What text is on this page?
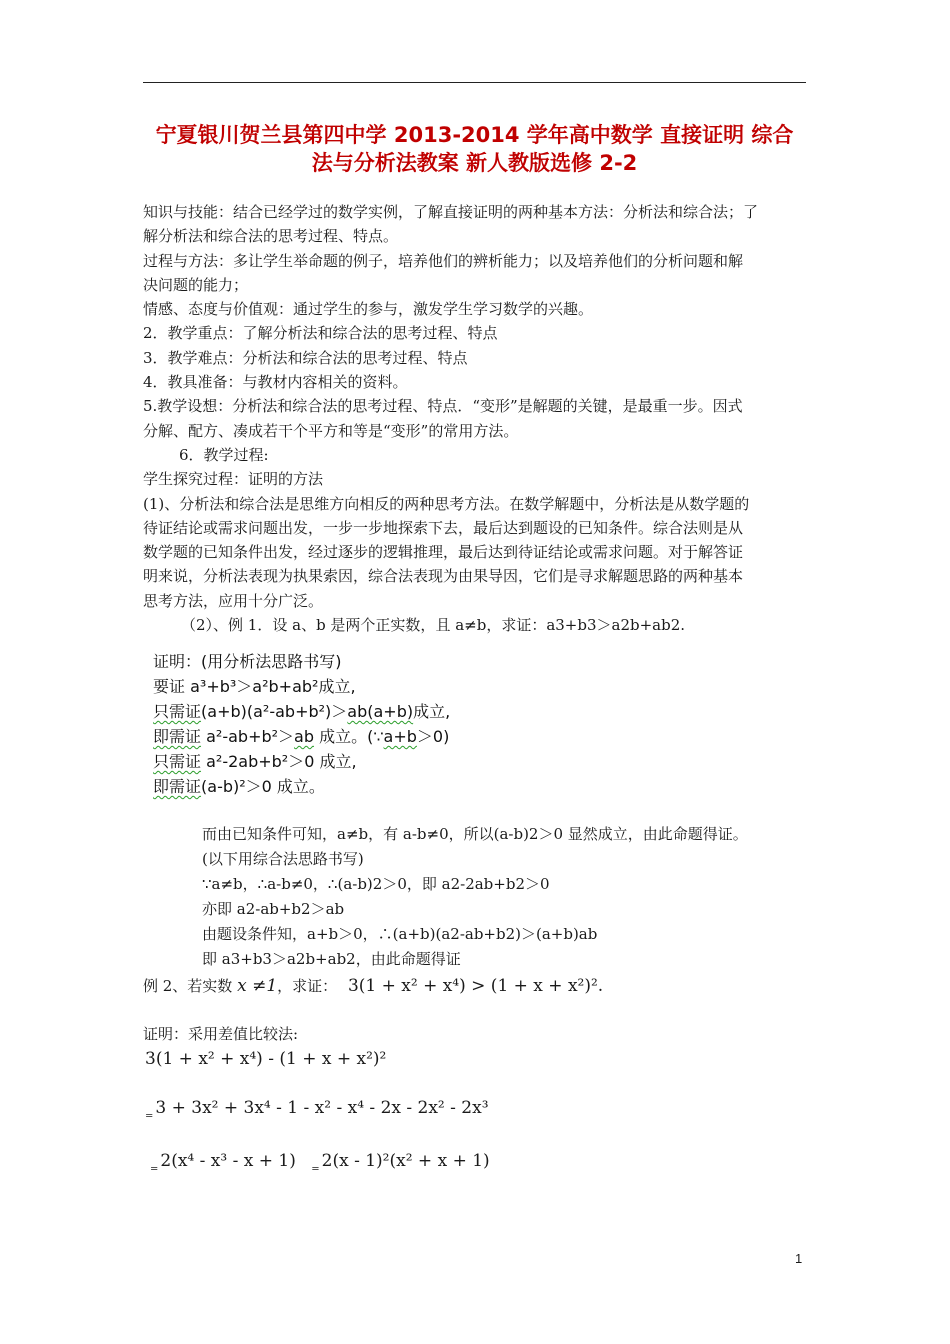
宁夏银川贺兰县第四中学 2013-2014 学年高中数学 直接证明 综合
法与分析法教案 新人教版选修 2-2

知识与技能：结合已经学过的数学实例，了解直接证明的两种基本方法：分析法和综合法；了

解分析法和综合法的思考过程、特点。

过程与方法：多让学生举命题的例子，培养他们的辨析能力；以及培养他们的分析问题和解

决问题的能力；

情感、态度与价值观：通过学生的参与，激发学生学习数学的兴趣。

2．教学重点：了解分析法和综合法的思考过程、特点

3．教学难点：分析法和综合法的思考过程、特点

4．教具准备：与教材内容相关的资料。

5.教学设想：分析法和综合法的思考过程、特点．“变形”是解题的关键，是最重一步。因式

分解、配方、凑成若干个平方和等是“变形”的常用方法。

6．教学过程:

学生探究过程：证明的方法

(1)、分析法和综合法是思维方向相反的两种思考方法。在数学解题中，分析法是从数学题的

待证结论或需求问题出发，一步一步地探索下去，最后达到题设的已知条件。综合法则是从

数学题的已知条件出发，经过逐步的逻辑推理，最后达到待证结论或需求问题。对于解答证

明来说，分析法表现为执果索因，综合法表现为由果导因，它们是寻求解题思路的两种基本

思考方法，应用十分广泛。

（2）、例 1．设 a、b 是两个正实数，且 a≠b，求证：a3+b3＞a2b+ab2.

证明：(用分析法思路书写)
要证 a³+b³＞a²b+ab²成立,
只需证(a+b)(a²-ab+b²)＞ab(a+b)成立,
即需证 a²-ab+b²＞ab 成立。(∵a+b＞0)
只需证 a²-2ab+b²＞0 成立,
即需证(a-b)²＞0 成立。
而由已知条件可知，a≠b，有 a-b≠0，所以(a-b)2＞0 显然成立，由此命题得证。
(以下用综合法思路书写)
∵a≠b，∴a-b≠0，∴(a-b)2＞0，即 a2-2ab+b2＞0
亦即 a2-ab+b2＞ab
由题设条件知，a+b＞0，∴(a+b)(a2-ab+b2)＞(a+b)ab
即 a3+b3＞a2b+ab2，由此命题得证
例 2、若实数 x ≠1，求证： 3(1 + x² + x⁴) > (1 + x + x²)².
证明：采用差值比较法:
3(1 + x² + x⁴) - (1 + x + x²)²
$_=$ 3 + 3x² + 3x⁴ - 1 - x² - x⁴ - 2x - 2x² - 2x³
$_=$ 2(x⁴ - x³ - x + 1) $_=$ 2(x - 1)²(x² + x + 1)
1
